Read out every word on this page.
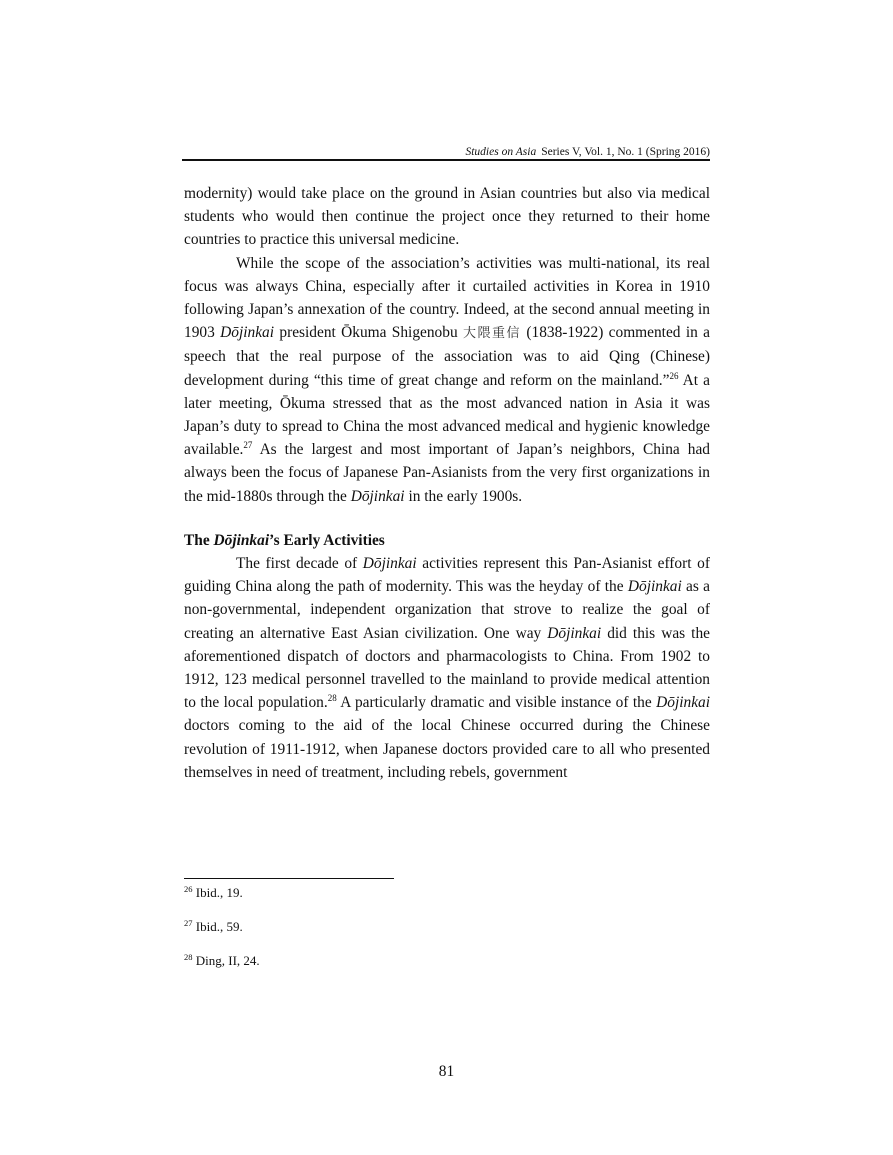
Studies on Asia Series V, Vol. 1, No. 1 (Spring 2016)

modernity) would take place on the ground in Asian countries but also via medical students who would then continue the project once they returned to their home countries to practice this universal medicine.

While the scope of the association’s activities was multi-national, its real focus was always China, especially after it curtailed activities in Korea in 1910 following Japan’s annexation of the country. Indeed, at the second annual meeting in 1903 Dōjinkai president Ōkuma Shigenobu 大隈重信 (1838-1922) commented in a speech that the real purpose of the association was to aid Qing (Chinese) development during “this time of great change and reform on the mainland.”$^{26}$ At a later meeting, Ōkuma stressed that as the most advanced nation in Asia it was Japan’s duty to spread to China the most advanced medical and hygienic knowledge available.$^{27}$ As the largest and most important of Japan’s neighbors, China had always been the focus of Japanese Pan-Asianists from the very first organizations in the mid-1880s through the Dōjinkai in the early 1900s.

The Dōjinkai’s Early Activities

The first decade of Dōjinkai activities represent this Pan-Asianist effort of guiding China along the path of modernity. This was the heyday of the Dōjinkai as a non-governmental, independent organization that strove to realize the goal of creating an alternative East Asian civilization. One way Dōjinkai did this was the aforementioned dispatch of doctors and pharmacologists to China. From 1902 to 1912, 123 medical personnel travelled to the mainland to provide medical attention to the local population.$^{28}$ A particularly dramatic and visible instance of the Dōjinkai doctors coming to the aid of the local Chinese occurred during the Chinese revolution of 1911-1912, when Japanese doctors provided care to all who presented themselves in need of treatment, including rebels, government

$^{26}$ Ibid., 19.

$^{27}$ Ibid., 59.

$^{28}$ Ding, II, 24.

81
